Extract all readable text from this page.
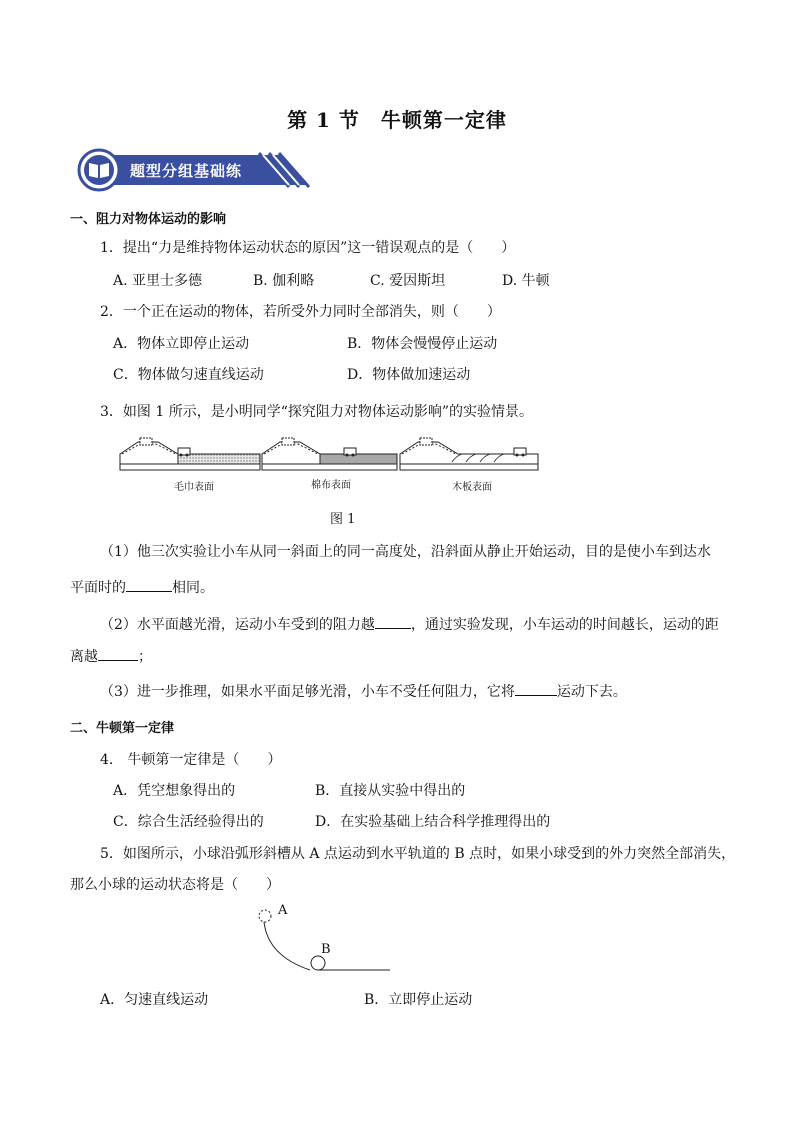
第 1 节　牛顿第一定律
题型分组基础练
一、阻力对物体运动的影响
1．提出“力是维持物体运动状态的原因”这一错误观点的是（　　）
A. 亚里士多德	B. 伽利略	C. 爱因斯坦	D. 牛顿
2．一个正在运动的物体，若所受外力同时全部消失，则（　　）
A．物体立即停止运动	B．物体会慢慢停止运动
C．物体做匀速直线运动	D．物体做加速运动
3．如图 1 所示，是小明同学“探究阻力对物体运动影响”的实验情景。
毛巾表面	棉布表面	木板表面
图 1
（1）他三次实验让小车从同一斜面上的同一高度处，沿斜面从静止开始运动，目的是使小车到达水
平面时的	相同。
（2）水平面越光滑，运动小车受到的阻力越	，通过实验发现，小车运动的时间越长，运动的距
离越	；
（3）进一步推理，如果水平面足够光滑，小车不受任何阻力，它将	运动下去。
二、牛顿第一定律
4． 牛顿第一定律是（　　）
A．凭空想象得出的	B．直接从实验中得出的
C．综合生活经验得出的	D．在实验基础上结合科学推理得出的
5．如图所示，小球沿弧形斜槽从 A 点运动到水平轨道的 B 点时，如果小球受到的外力突然全部消失，
那么小球的运动状态将是（　　）
A
B
A．匀速直线运动	B．立即停止运动
